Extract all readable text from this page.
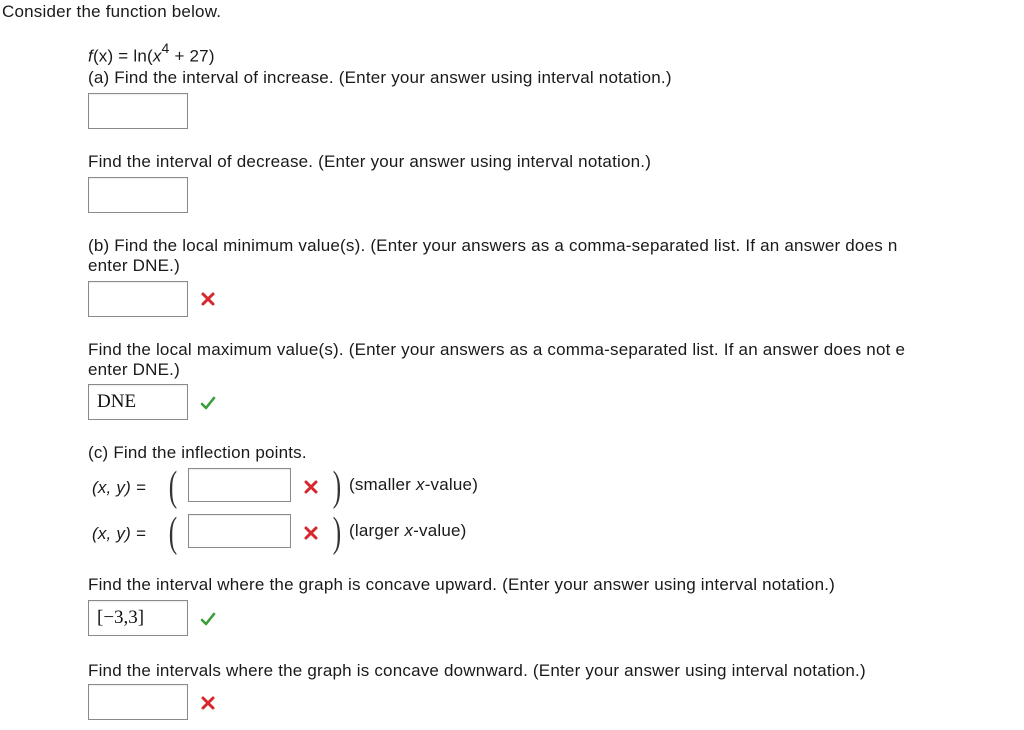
Consider the function below.
$f(x) = \ln(x^4 + 27)$
(a) Find the interval of increase. (Enter your answer using interval notation.)
Find the interval of decrease. (Enter your answer using interval notation.)
(b) Find the local minimum value(s). (Enter your answers as a comma-separated list. If an answer does n
enter DNE.)
Find the local maximum value(s). (Enter your answers as a comma-separated list. If an answer does not e
enter DNE.)
DNE
(c) Find the inflection points.
(x, y) = (	) (smaller x-value)
(x, y) = (	) (larger x-value)
Find the interval where the graph is concave upward. (Enter your answer using interval notation.)
[−3,3]
Find the intervals where the graph is concave downward. (Enter your answer using interval notation.)
